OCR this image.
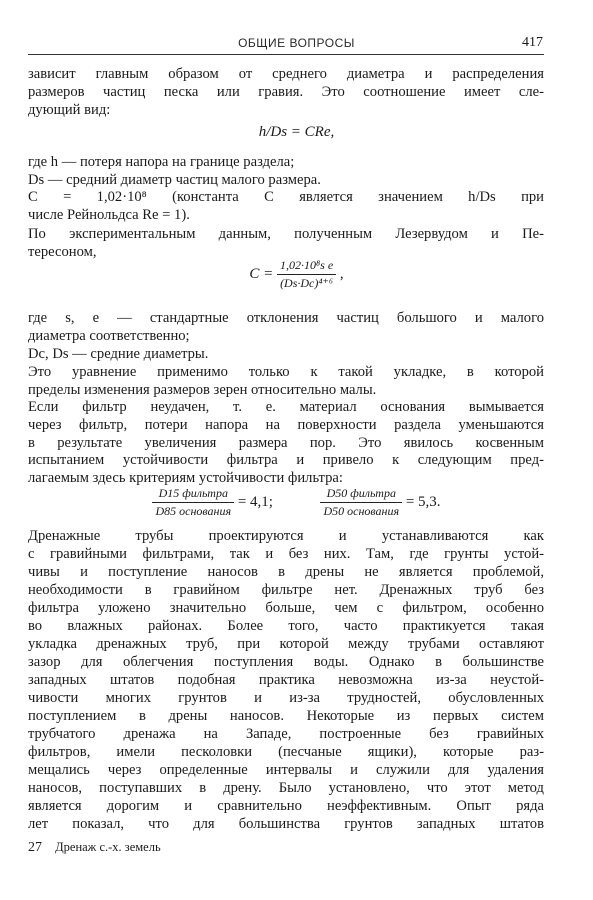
ОБЩИЕ ВОПРОСЫ	417
зависит главным образом от среднего диаметра и распределения
размеров частиц песка или гравия. Это соотношение имеет сле-
дующий вид:
h/Ds = CRe,
где h — потеря напора на границе раздела;
Ds — средний диаметр частиц малого размера.
C = 1,02·10⁸ (константа C является значением h/Ds при
числе Рейнольдса Re = 1).
По экспериментальным данным, полученным Лезервудом и Пе-
тересоном,
$C = \frac{\text{1,02·10⁸s e}}{\text{(Ds·Dc)⁴⁺⁶}}$ ,
где s, e — стандартные отклонения частиц большого и малого
диаметра соответственно;
Dc, Ds — средние диаметры.
Это уравнение применимо только к такой укладке, в которой
пределы изменения размеров зерен относительно малы.
Если фильтр неудачен, т. е. материал основания вымывается
через фильтр, потери напора на поверхности раздела уменьшаются
в результате увеличения размера пор. Это явилось косвенным
испытанием устойчивости фильтра и привело к следующим пред-
лагаемым здесь критериям устойчивости фильтра:
$\frac{\text{D15 фильтра}}{\text{D85 основания}} = 4,1$;	$\frac{\text{D50 фильтра}}{\text{D50 основания}} = 5,3$.
Дренажные трубы проектируются и устанавливаются как
с гравийными фильтрами, так и без них. Там, где грунты устой-
чивы и поступление наносов в дрены не является проблемой,
необходимости в гравийном фильтре нет. Дренажных труб без
фильтра уложено значительно больше, чем с фильтром, особенно
во влажных районах. Более того, часто практикуется такая
укладка дренажных труб, при которой между трубами оставляют
зазор для облегчения поступления воды. Однако в большинстве
западных штатов подобная практика невозможна из-за неустой-
чивости многих грунтов и из-за трудностей, обусловленных
поступлением в дрены наносов. Некоторые из первых систем
трубчатого дренажа на Западе, построенные без гравийных
фильтров, имели песколовки (песчаные ящики), которые раз-
мещались через определенные интервалы и служили для удаления
наносов, поступавших в дрену. Было установлено, что этот метод
является дорогим и сравнительно неэффективным. Опыт ряда
лет показал, что для большинства грунтов западных штатов
27 Дренаж с.-х. земель
